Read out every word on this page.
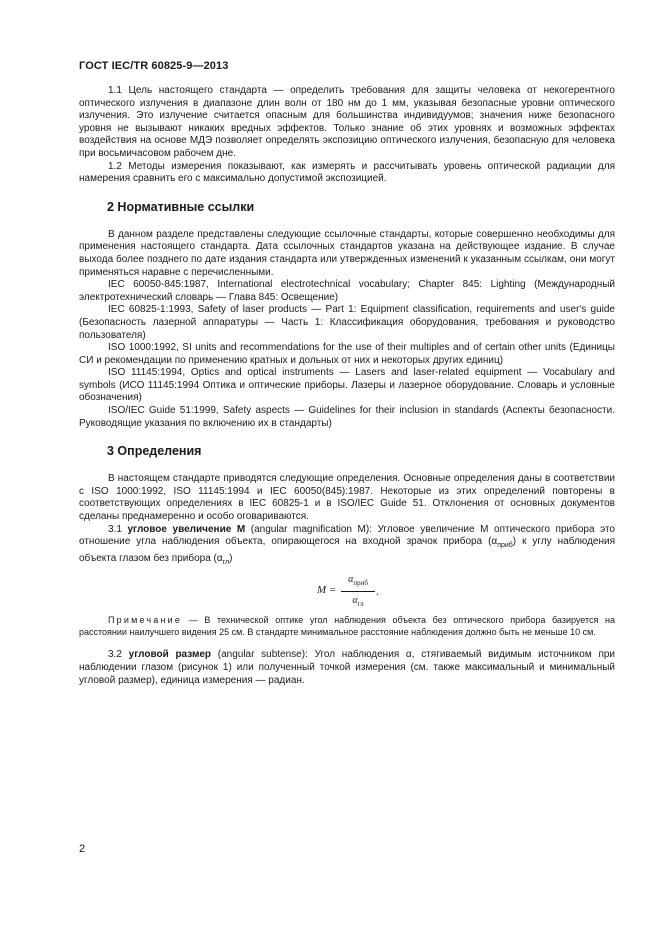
ГОСТ IEC/TR 60825-9—2013

1.1 Цель настоящего стандарта — определить требования для защиты человека от некогерентного оптического излучения в диапазоне длин волн от 180 нм до 1 мм, указывая безопасные уровни оптического излучения. Это излучение считается опасным для большинства индивидуумов; значения ниже безопасного уровня не вызывают никаких вредных эффектов. Только знание об этих уровнях и возможных эффектах воздействия на основе МДЭ позволяет определять экспозицию оптического излучения, безопасную для человека при восьмичасовом рабочем дне.

1.2 Методы измерения показывают, как измерять и рассчитывать уровень оптической радиации для намерения сравнить его с максимально допустимой экспозицией.

2 Нормативные ссылки

В данном разделе представлены следующие ссылочные стандарты, которые совершенно необходимы для применения настоящего стандарта. Дата ссылочных стандартов указана на действующее издание. В случае выхода более позднего по дате издания стандарта или утвержденных изменений к указанным ссылкам, они могут применяться наравне с перечисленными.

IEC 60050-845:1987, International electrotechnical vocabulary; Chapter 845: Lighting (Международный электротехнический словарь — Глава 845: Освещение)

IEC 60825-1:1993, Safety of laser products — Part 1: Equipment classification, requirements and user's guide (Безопасность лазерной аппаратуры — Часть 1: Классификация оборудования, требования и руководство пользователя)

ISO 1000:1992, SI units and recommendations for the use of their multiples and of certain other units (Единицы СИ и рекомендации по применению кратных и дольных от них и некоторых других единиц)

ISO 11145:1994, Optics and optical instruments — Lasers and laser-related equipment — Vocabulary and symbols (ИСО 11145:1994 Оптика и оптические приборы. Лазеры и лазерное оборудование. Словарь и условные обозначения)

ISO/IEC Guide 51:1999, Safety aspects — Guidelines for their inclusion in standards (Аспекты безопасности. Руководящие указания по включению их в стандарты)

3 Определения

В настоящем стандарте приводятся следующие определения. Основные определения даны в соответствии с ISO 1000:1992, ISO 11145:1994 и IEC 60050(845):1987. Некоторые из этих определений повторены в соответствующих определениях в IEC 60825-1 и в ISO/IEC Guide 51. Отклонения от основных документов сделаны преднамеренно и особо оговариваются.

3.1 угловое увеличение M (angular magnification M): Угловое увеличение M оптического прибора это отношение угла наблюдения объекта, опирающегося на входной зрачок прибора $(\alpha_{приб})$ к углу наблюдения объекта глазом без прибора $(\alpha_{гл})$

M =
$\alpha_{приб}$
$\alpha_{гл}$
.

Примечание — В технической оптике угол наблюдения объекта без оптического прибора базируется на расстоянии наилучшего видения 25 см. В стандарте минимальное расстояние наблюдения должно быть не меньше 10 см.

3.2 угловой размер (angular subtense): Угол наблюдения α, стягиваемый видимым источником при наблюдении глазом (рисунок 1) или полученный точкой измерения (см. также максимальный и минимальный угловой размер), единица измерения — радиан.

2
